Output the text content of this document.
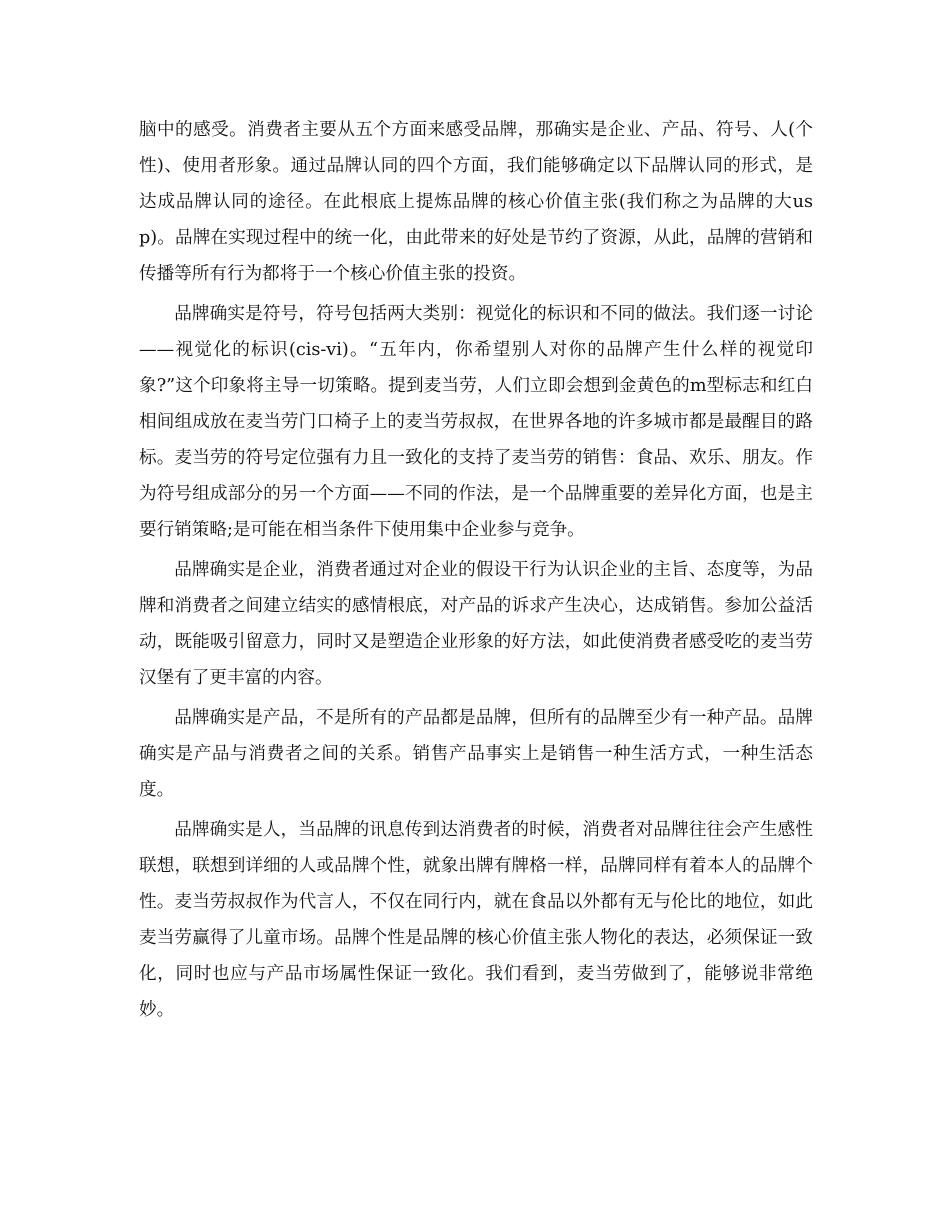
脑中的感受。消费者主要从五个方面来感受品牌，那确实是企业、产品、符号、人(个性)、使用者形象。通过品牌认同的四个方面，我们能够确定以下品牌认同的形式，是达成品牌认同的途径。在此根底上提炼品牌的核心价值主张(我们称之为品牌的大usp)。品牌在实现过程中的统一化，由此带来的好处是节约了资源，从此，品牌的营销和传播等所有行为都将于一个核心价值主张的投资。

品牌确实是符号，符号包括两大类别：视觉化的标识和不同的做法。我们逐一讨论——视觉化的标识(cis-vi)。“五年内，你希望别人对你的品牌产生什么样的视觉印象?”这个印象将主导一切策略。提到麦当劳，人们立即会想到金黄色的m型标志和红白相间组成放在麦当劳门口椅子上的麦当劳叔叔，在世界各地的许多城市都是最醒目的路标。麦当劳的符号定位强有力且一致化的支持了麦当劳的销售：食品、欢乐、朋友。作为符号组成部分的另一个方面——不同的作法，是一个品牌重要的差异化方面，也是主要行销策略;是可能在相当条件下使用集中企业参与竞争。

品牌确实是企业，消费者通过对企业的假设干行为认识企业的主旨、态度等，为品牌和消费者之间建立结实的感情根底，对产品的诉求产生决心，达成销售。参加公益活动，既能吸引留意力，同时又是塑造企业形象的好方法，如此使消费者感受吃的麦当劳汉堡有了更丰富的内容。

品牌确实是产品，不是所有的产品都是品牌，但所有的品牌至少有一种产品。品牌确实是产品与消费者之间的关系。销售产品事实上是销售一种生活方式，一种生活态度。

品牌确实是人，当品牌的讯息传到达消费者的时候，消费者对品牌往往会产生感性联想，联想到详细的人或品牌个性，就象出牌有牌格一样，品牌同样有着本人的品牌个性。麦当劳叔叔作为代言人，不仅在同行内，就在食品以外都有无与伦比的地位，如此麦当劳赢得了儿童市场。品牌个性是品牌的核心价值主张人物化的表达，必须保证一致化，同时也应与产品市场属性保证一致化。我们看到，麦当劳做到了，能够说非常绝妙。
